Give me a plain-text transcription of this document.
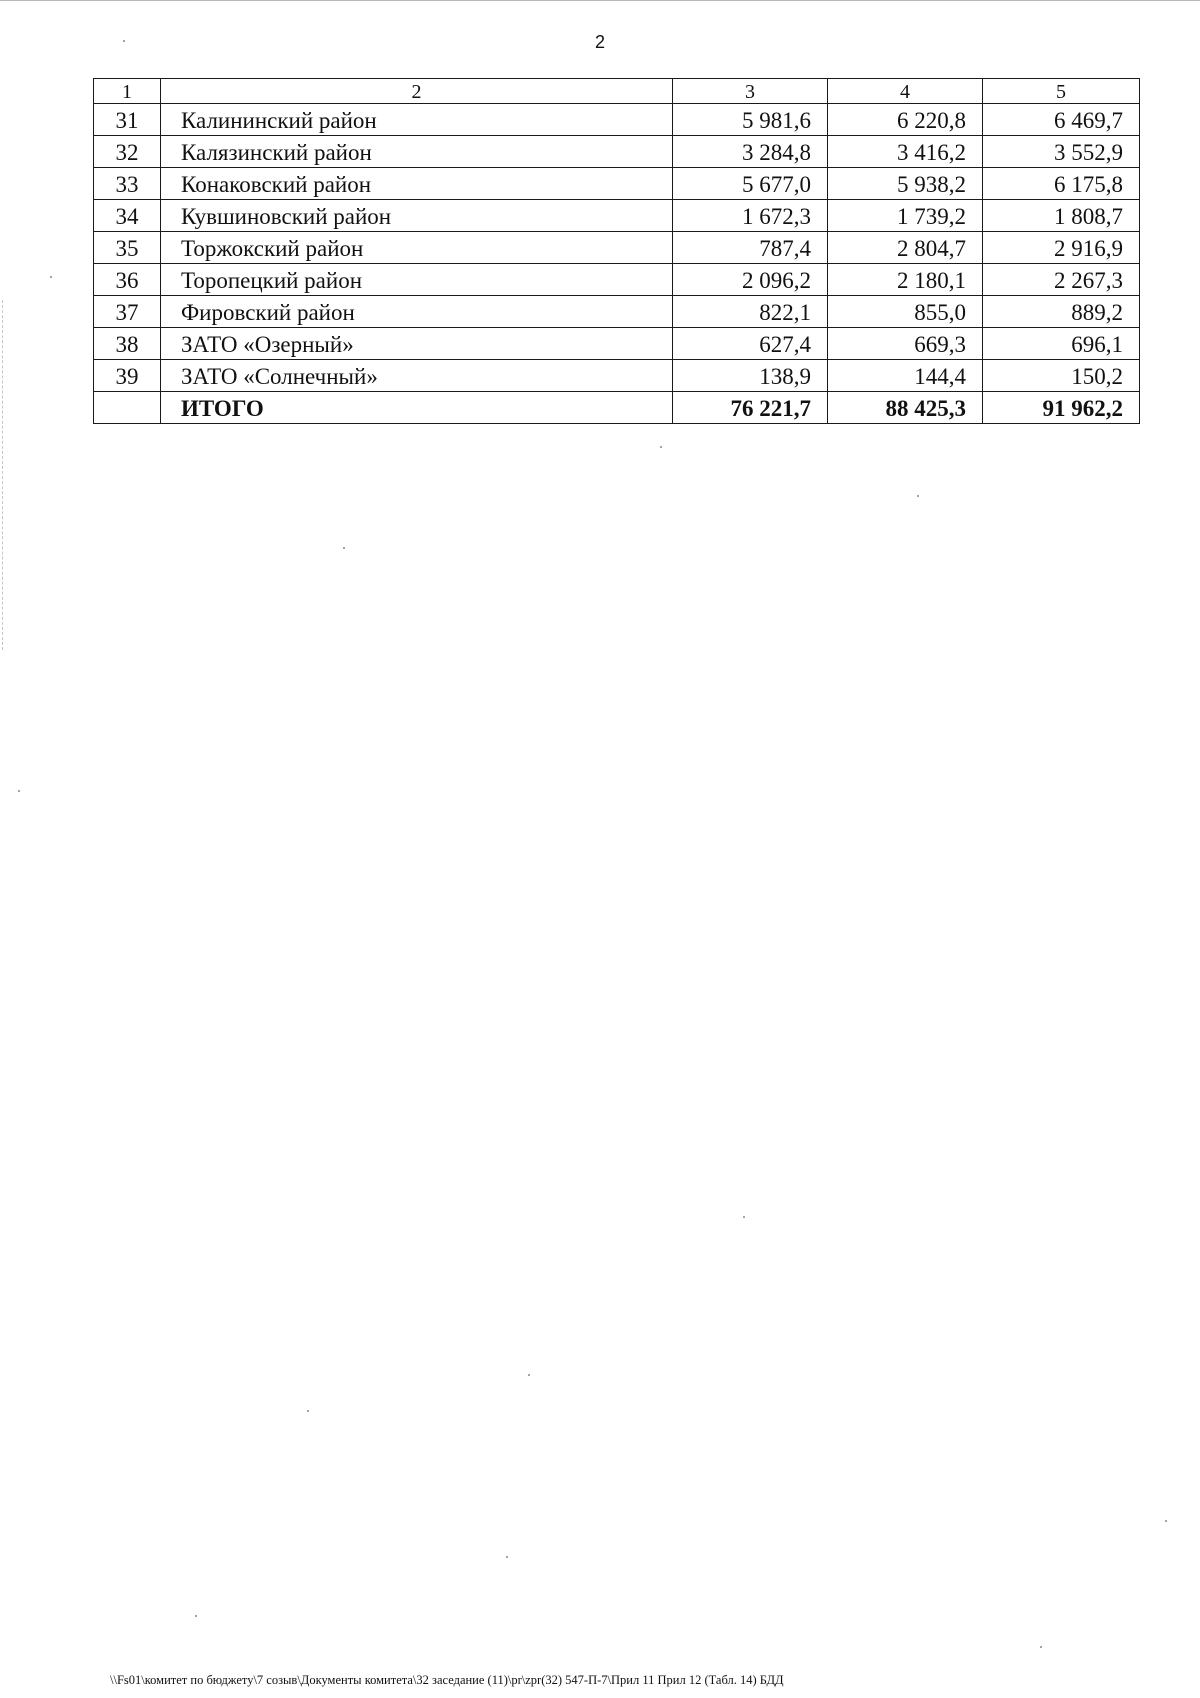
2
1	2	3	4	5
31	Калининский район	5 981,6	6 220,8	6 469,7
32	Калязинский район	3 284,8	3 416,2	3 552,9
33	Конаковский район	5 677,0	5 938,2	6 175,8
34	Кувшиновский район	1 672,3	1 739,2	1 808,7
35	Торжокский район	787,4	2 804,7	2 916,9
36	Торопецкий район	2 096,2	2 180,1	2 267,3
37	Фировский район	822,1	855,0	889,2
38	ЗАТО «Озерный»	627,4	669,3	696,1
39	ЗАТО «Солнечный»	138,9	144,4	150,2
	ИТОГО	76 221,7	88 425,3	91 962,2
\\Fs01\комитет по бюджету\7 созыв\Документы комитета\32 заседание (11)\pr\zpr(32) 547-П-7\Прил 11 Прил 12 (Табл. 14) БДД
